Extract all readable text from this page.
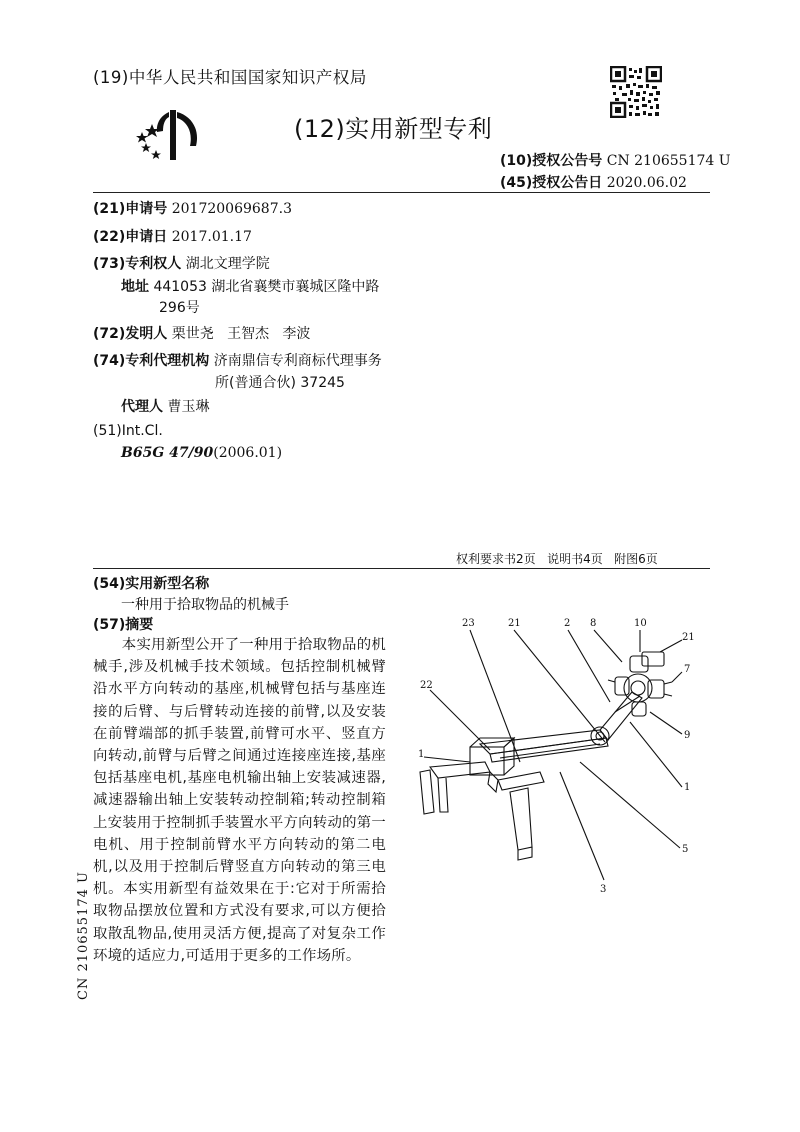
(19)中华人民共和国国家知识产权局
(12)实用新型专利
(10)授权公告号 CN 210655174 U
(45)授权公告日 2020.06.02
(21)申请号 201720069687.3
(22)申请日 2017.01.17
(73)专利权人 湖北文理学院
地址 441053 湖北省襄樊市襄城区隆中路
296号
(72)发明人 栗世尧   王智杰   李波
(74)专利代理机构 济南鼎信专利商标代理事务
所(普通合伙) 37245
代理人 曹玉琳
(51)Int.Cl.
B65G 47/90(2006.01)
权利要求书2页   说明书4页   附图6页
(54)实用新型名称
一种用于拾取物品的机械手
(57)摘要
本实用新型公开了一种用于拾取物品的机械手,涉及机械手技术领域。包括控制机械臂沿水平方向转动的基座,机械臂包括与基座连接的后臂、与后臂转动连接的前臂,以及安装在前臂端部的抓手装置,前臂可水平、竖直方向转动,前臂与后臂之间通过连接座连接,基座包括基座电机,基座电机输出轴上安装减速器,减速器输出轴上安装转动控制箱;转动控制箱上安装用于控制抓手装置水平方向转动的第一电机、用于控制前臂水平方向转动的第二电机,以及用于控制后臂竖直方向转动的第三电机。本实用新型有益效果在于:它对于所需拾取物品摆放位置和方式没有要求,可以方便拾取散乱物品,使用灵活方便,提高了对复杂工作环境的适应力,可适用于更多的工作场所。
23	21	2 8	10
21
7
22
9
1
1
5
3
CN 210655174 U
